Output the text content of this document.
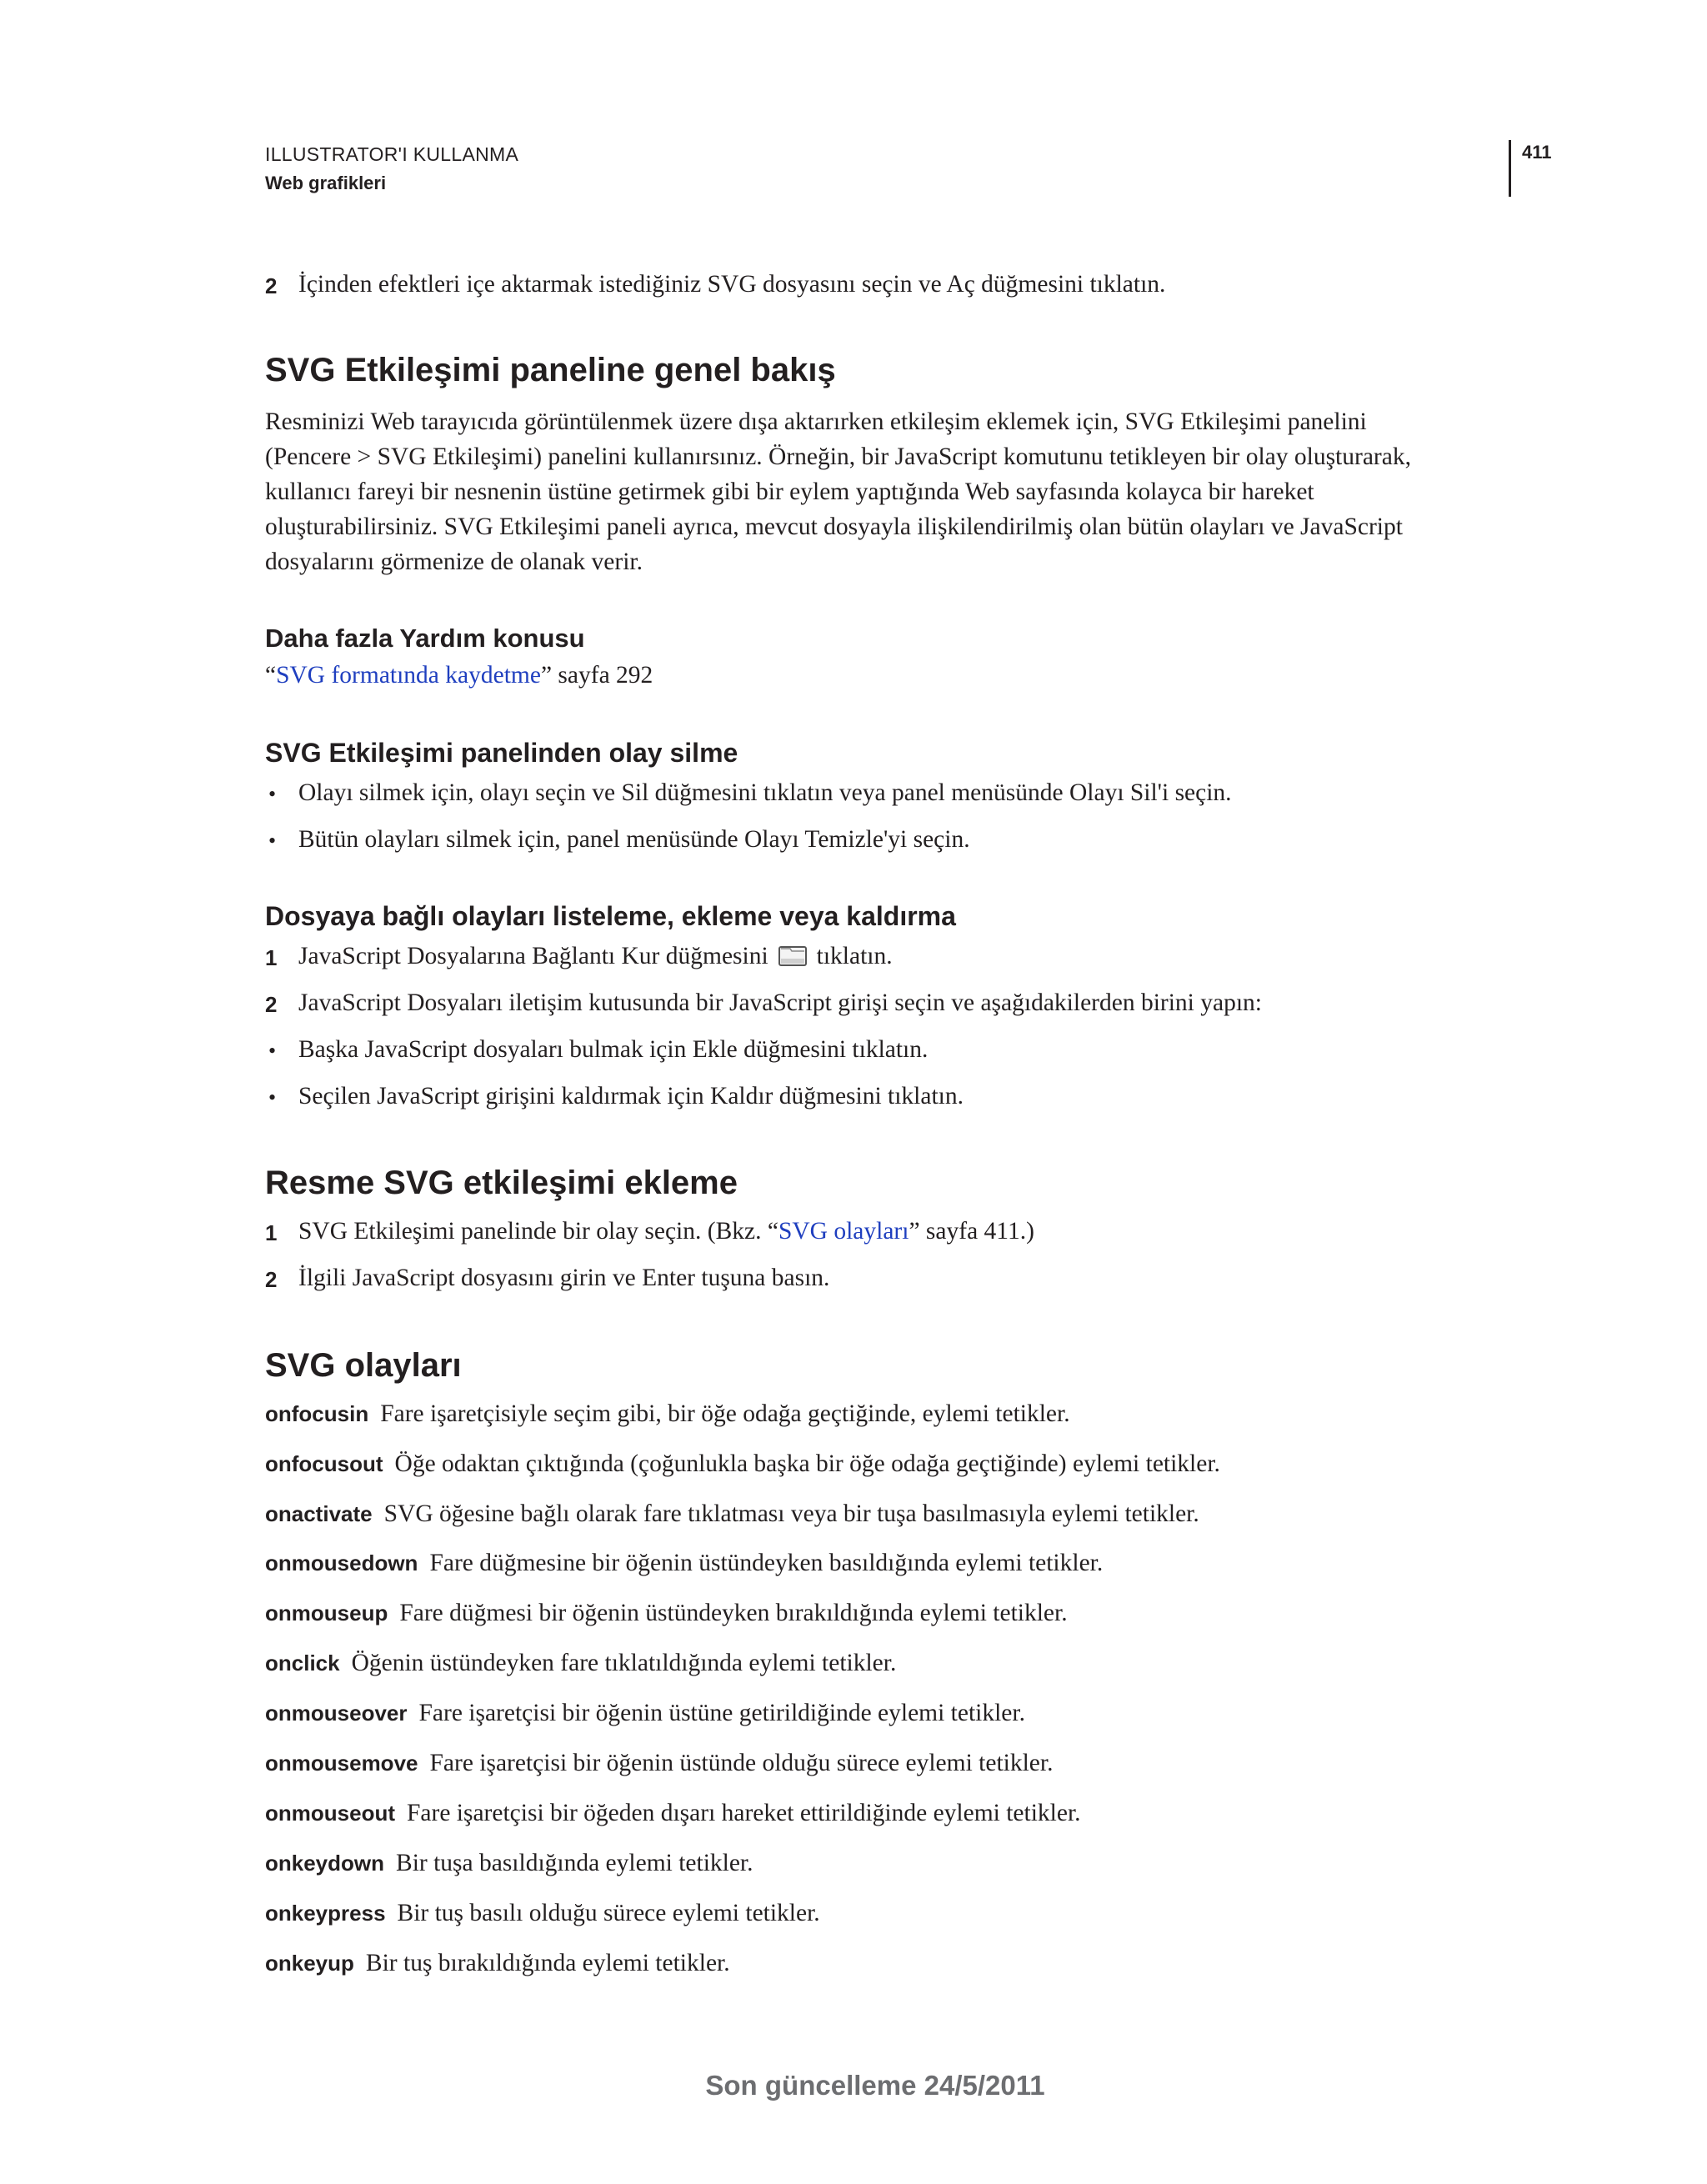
ILLUSTRATOR'I KULLANMA
Web grafikleri
411
2 İçinden efektleri içe aktarmak istediğiniz SVG dosyasını seçin ve Aç düğmesini tıklatın.
SVG Etkileşimi paneline genel bakış

Resminizi Web tarayıcıda görüntülenmek üzere dışa aktarırken etkileşim eklemek için, SVG Etkileşimi panelini

(Pencere > SVG Etkileşimi) panelini kullanırsınız. Örneğin, bir JavaScript komutunu tetikleyen bir olay oluşturarak,

kullanıcı fareyi bir nesnenin üstüne getirmek gibi bir eylem yaptığında Web sayfasında kolayca bir hareket

oluşturabilirsiniz. SVG Etkileşimi paneli ayrıca, mevcut dosyayla ilişkilendirilmiş olan bütün olayları ve JavaScript

dosyalarını görmenize de olanak verir.

Daha fazla Yardım konusu
“SVG formatında kaydetme” sayfa 292
SVG Etkileşimi panelinden olay silme
• Olayı silmek için, olayı seçin ve Sil düğmesini tıklatın veya panel menüsünde Olayı Sil'i seçin.
• Bütün olayları silmek için, panel menüsünde Olayı Temizle'yi seçin.
Dosyaya bağlı olayları listeleme, ekleme veya kaldırma
1 JavaScript Dosyalarına Bağlantı Kur düğmesini tıklatın.
2 JavaScript Dosyaları iletişim kutusunda bir JavaScript girişi seçin ve aşağıdakilerden birini yapın:
• Başka JavaScript dosyaları bulmak için Ekle düğmesini tıklatın.
• Seçilen JavaScript girişini kaldırmak için Kaldır düğmesini tıklatın.
Resme SVG etkileşimi ekleme
1 SVG Etkileşimi panelinde bir olay seçin. (Bkz. “SVG olayları” sayfa 411.)
2 İlgili JavaScript dosyasını girin ve Enter tuşuna basın.
SVG olayları
onfocusin Fare işaretçisiyle seçim gibi, bir öğe odağa geçtiğinde, eylemi tetikler.
onfocusout Öğe odaktan çıktığında (çoğunlukla başka bir öğe odağa geçtiğinde) eylemi tetikler.
onactivate SVG öğesine bağlı olarak fare tıklatması veya bir tuşa basılmasıyla eylemi tetikler.
onmousedown Fare düğmesine bir öğenin üstündeyken basıldığında eylemi tetikler.
onmouseup Fare düğmesi bir öğenin üstündeyken bırakıldığında eylemi tetikler.
onclick Öğenin üstündeyken fare tıklatıldığında eylemi tetikler.
onmouseover Fare işaretçisi bir öğenin üstüne getirildiğinde eylemi tetikler.
onmousemove Fare işaretçisi bir öğenin üstünde olduğu sürece eylemi tetikler.
onmouseout Fare işaretçisi bir öğeden dışarı hareket ettirildiğinde eylemi tetikler.
onkeydown Bir tuşa basıldığında eylemi tetikler.
onkeypress Bir tuş basılı olduğu sürece eylemi tetikler.
onkeyup Bir tuş bırakıldığında eylemi tetikler.
Son güncelleme 24/5/2011
